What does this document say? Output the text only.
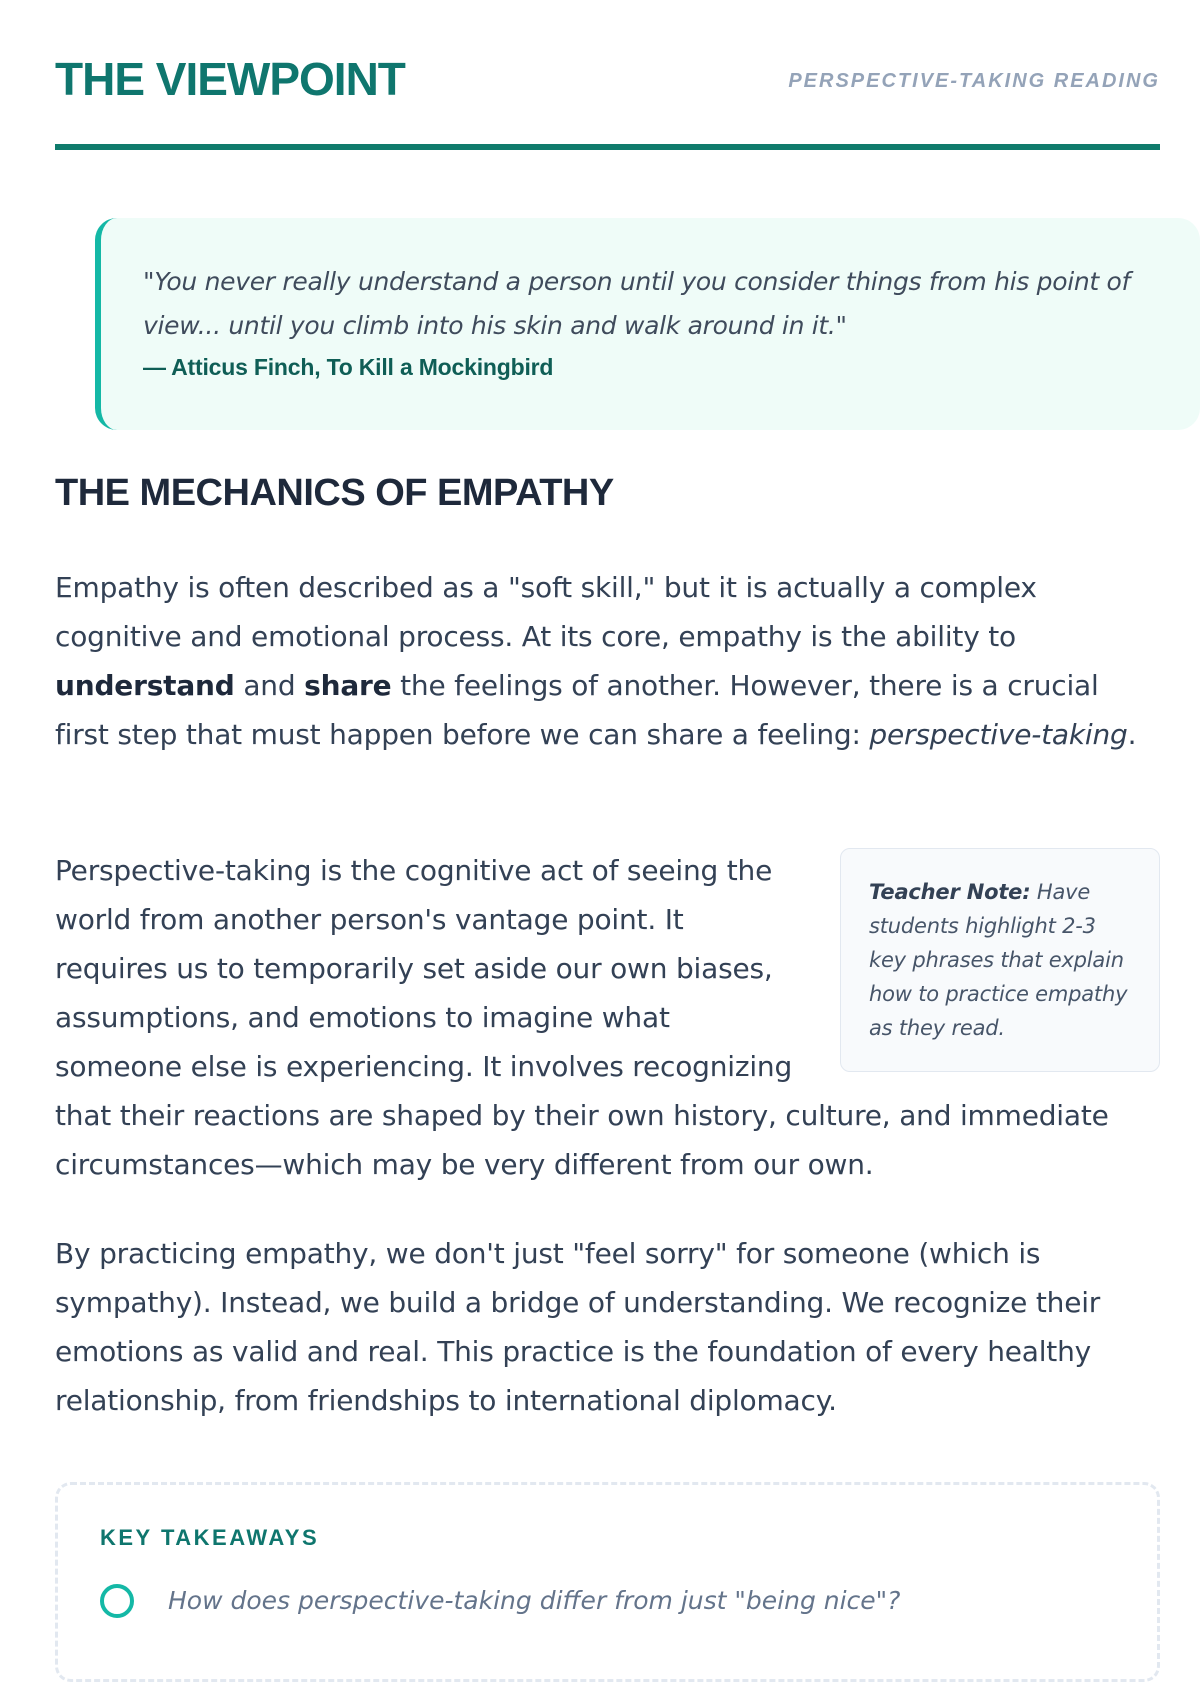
THE VIEWPOINT	PERSPECTIVE-TAKING READING

"You never really understand a person until you consider things from his point of view... until you climb into his skin and walk around in it."

— Atticus Finch, To Kill a Mockingbird
THE MECHANICS OF EMPATHY

Empathy is often described as a "soft skill," but it is actually a complex cognitive and emotional process. At its core, empathy is the ability to understand and share the feelings of another. However, there is a crucial first step that must happen before we can share a feeling: perspective-taking.

Teacher Note: Have students highlight 2-3 key phrases that explain how to practice empathy as they read.
Perspective-taking is the cognitive act of seeing the world from another person's vantage point. It requires us to temporarily set aside our own biases, assumptions, and emotions to imagine what someone else is experiencing. It involves recognizing that their reactions are shaped by their own history, culture, and immediate circumstances—which may be very different from our own.

By practicing empathy, we don't just "feel sorry" for someone (which is sympathy). Instead, we build a bridge of understanding. We recognize their emotions as valid and real. This practice is the foundation of every healthy relationship, from friendships to international diplomacy.

KEY TAKEAWAYS
How does perspective-taking differ from just "being nice"?
